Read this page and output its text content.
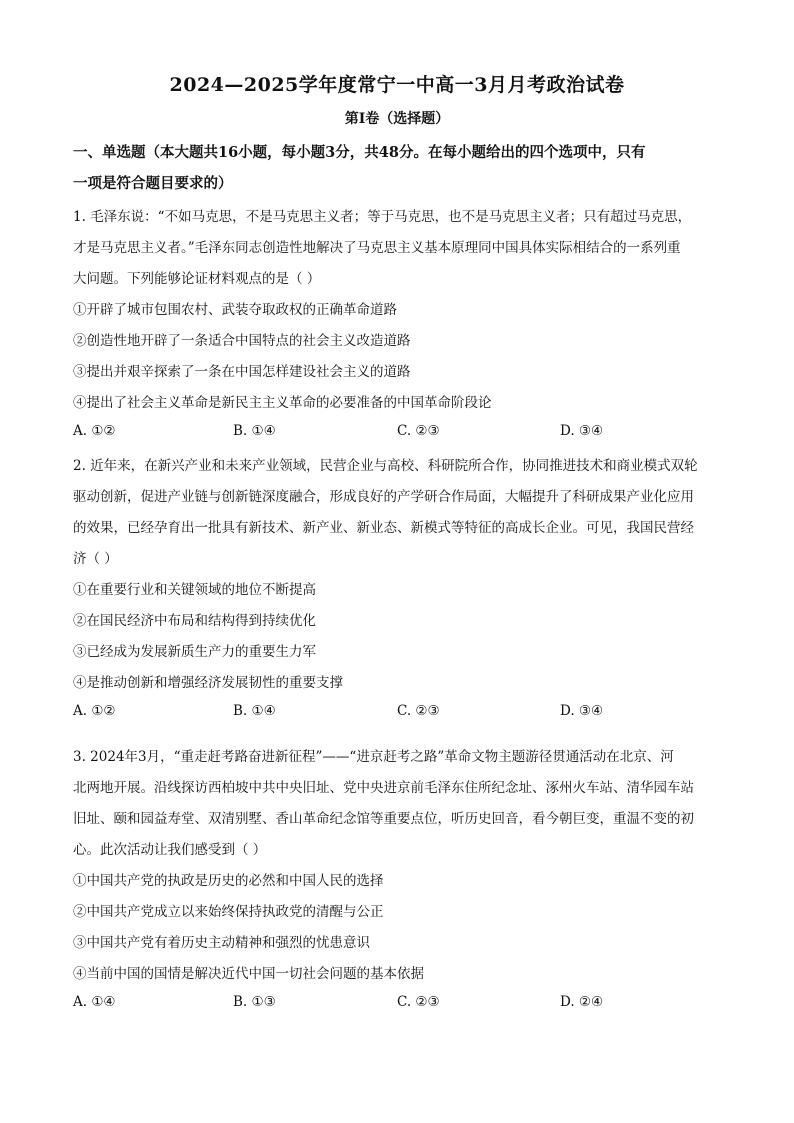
2024—2025学年度常宁一中高一3月月考政治试卷
第Ⅰ卷（选择题）
一、单选题（本大题共16小题，每小题3分，共48分。在每小题给出的四个选项中，只有
一项是符合题目要求的）
1. 毛泽东说：“不如马克思，不是马克思主义者；等于马克思，也不是马克思主义者；只有超过马克思，
才是马克思主义者。”毛泽东同志创造性地解决了马克思主义基本原理同中国具体实际相结合的一系列重
大问题。下列能够论证材料观点的是（ ）
①开辟了城市包围农村、武装夺取政权的正确革命道路
②创造性地开辟了一条适合中国特点的社会主义改造道路
③提出并艰辛探索了一条在中国怎样建设社会主义的道路
④提出了社会主义革命是新民主主义革命的必要准备的中国革命阶段论
A. ①②	B. ①④	C. ②③	D. ③④
2. 近年来，在新兴产业和未来产业领域，民营企业与高校、科研院所合作，协同推进技术和商业模式双轮
驱动创新，促进产业链与创新链深度融合，形成良好的产学研合作局面，大幅提升了科研成果产业化应用
的效果，已经孕育出一批具有新技术、新产业、新业态、新模式等特征的高成长企业。可见，我国民营经
济（ ）
①在重要行业和关键领域的地位不断提高
②在国民经济中布局和结构得到持续优化
③已经成为发展新质生产力的重要生力军
④是推动创新和增强经济发展韧性的重要支撑
A. ①②	B. ①④	C. ②③	D. ③④
3. 2024年3月，“重走赶考路奋进新征程”——“进京赶考之路”革命文物主题游径贯通活动在北京、河
北两地开展。沿线探访西柏坡中共中央旧址、党中央进京前毛泽东住所纪念址、涿州火车站、清华园车站
旧址、颐和园益寿堂、双清别墅、香山革命纪念馆等重要点位，听历史回音，看今朝巨变，重温不变的初
心。此次活动让我们感受到（ ）
①中国共产党的执政是历史的必然和中国人民的选择
②中国共产党成立以来始终保持执政党的清醒与公正
③中国共产党有着历史主动精神和强烈的忧患意识
④当前中国的国情是解决近代中国一切社会问题的基本依据
A. ①④	B. ①③	C. ②③	D. ②④
